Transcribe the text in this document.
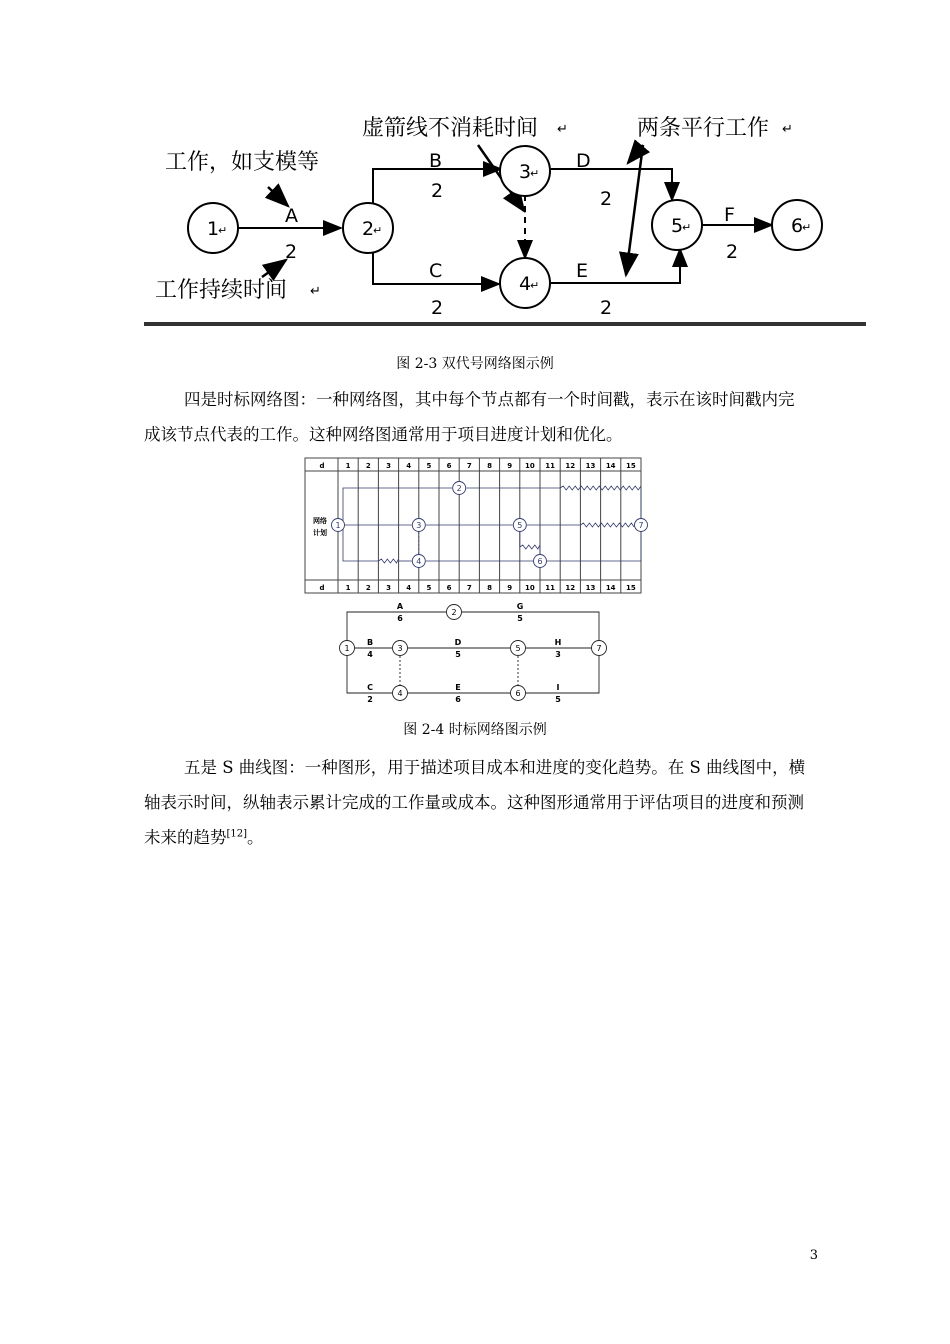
工作，如支模等
虚箭线不消耗时间	两条平行工作
工作持续时间 ↵
↵	↵
1
↵	2
↵
3
↵
4
↵
5
↵	6
↵
A
2
B
2
C
2
D
2
E
2
F
2
图 2-3 双代号网络图示例

四是时标网络图：一种网络图，其中每个节点都有一个时间戳，表示在该时间戳内完成该节点代表的工作。这种网络图通常用于项目进度计划和优化。

d	1 2 3 4 5 6 7 8 9 10 11 12 13 14 15
d	1 2 3 4 5 6 7 8 9 10 11 12 13 14 15
网络
计划
1
2
3
4
5
6
7
1
2
3
4
5
6
7
A
6
G
5
B
4
D
5
H
3
C
2
E
6
I
5
图 2-4 时标网络图示例

五是 S 曲线图：一种图形，用于描述项目成本和进度的变化趋势。在 S 曲线图中，横轴表示时间，纵轴表示累计完成的工作量或成本。这种图形通常用于评估项目的进度和预测未来的趋势[12]。

3
